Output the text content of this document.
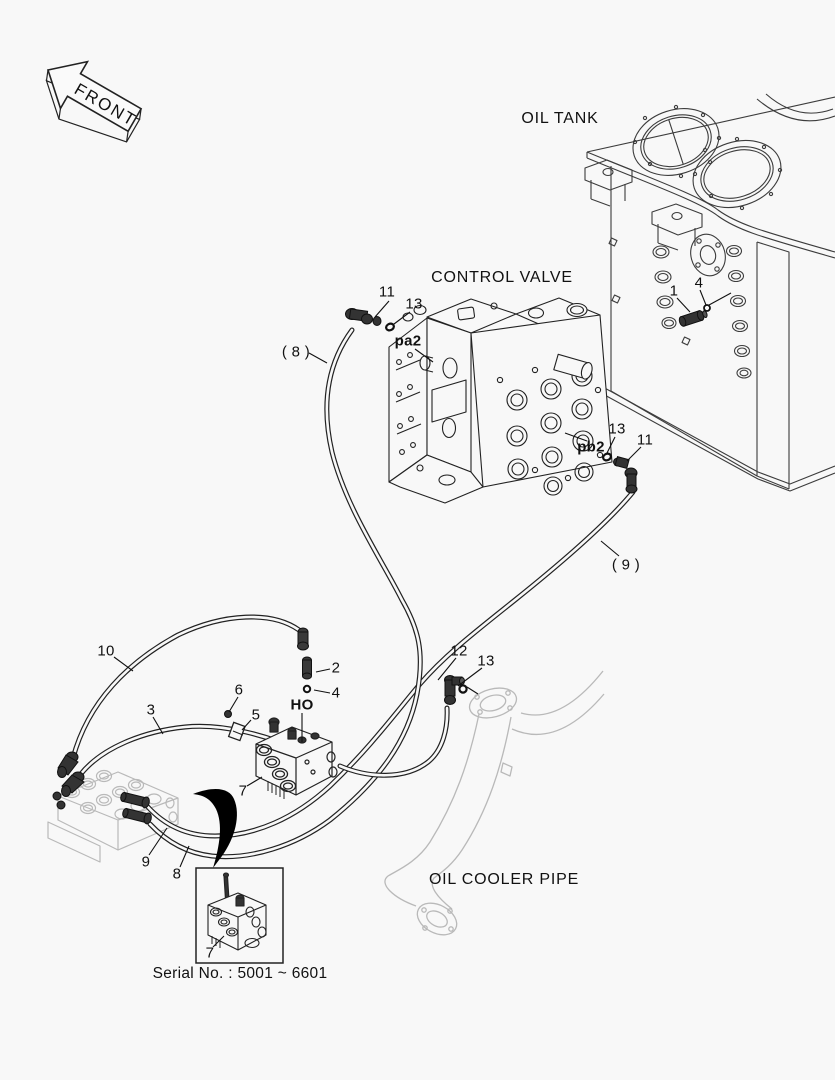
FRONT	OIL TANK
CONTROL VALVE
OIL COOLER PIPE
Serial No. : 5001 ~ 6601
11
13
pa2
( 8 )
1 4
13
11
pb2
( 9 )
10
2
4
6
5
3	HO
7
12
13
9
8
7
